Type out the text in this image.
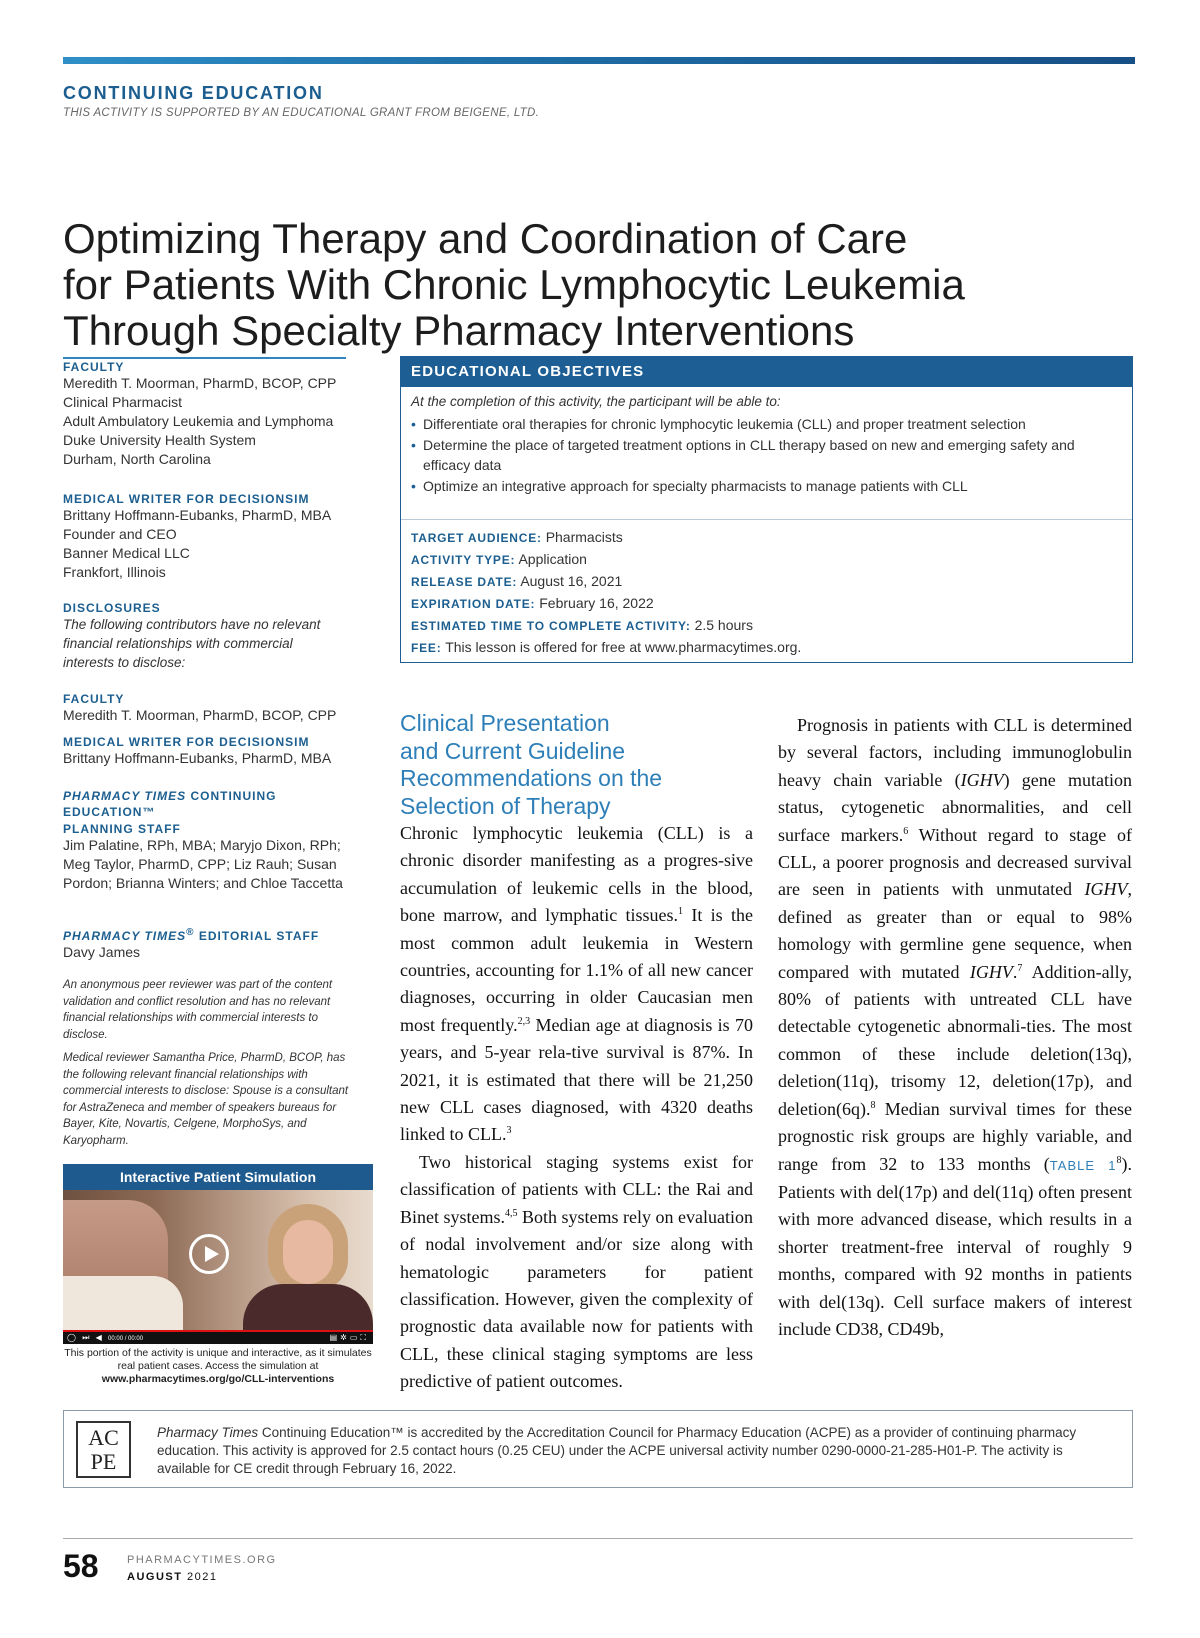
CONTINUING EDUCATION
THIS ACTIVITY IS SUPPORTED BY AN EDUCATIONAL GRANT FROM BEIGENE, LTD.
Optimizing Therapy and Coordination of Care
for Patients With Chronic Lymphocytic Leukemia
Through Specialty Pharmacy Interventions

FACULTY

Meredith T. Moorman, PharmD, BCOP, CPP

Clinical Pharmacist

Adult Ambulatory Leukemia and Lymphoma

Duke University Health System

Durham, North Carolina

MEDICAL WRITER FOR DECISIONSIM

Brittany Hoffmann-Eubanks, PharmD, MBA

Founder and CEO

Banner Medical LLC

Frankfort, Illinois

DISCLOSURES

The following contributors have no relevant financial relationships with commercial interests to disclose:

FACULTY

Meredith T. Moorman, PharmD, BCOP, CPP

MEDICAL WRITER FOR DECISIONSIM

Brittany Hoffmann-Eubanks, PharmD, MBA

PHARMACY TIMES CONTINUING

EDUCATION™

PLANNING STAFF

Jim Palatine, RPh, MBA; Maryjo Dixon, RPh; Meg Taylor, PharmD, CPP; Liz Rauh; Susan Pordon; Brianna Winters; and Chloe Taccetta

PHARMACY TIMES® EDITORIAL STAFF

Davy James

An anonymous peer reviewer was part of the content validation and conflict resolution and has no relevant financial relationships with commercial interests to disclose.

Medical reviewer Samantha Price, PharmD, BCOP, has the following relevant financial relationships with commercial interests to disclose: Spouse is a consultant for AstraZeneca and member of speakers bureaus for Bayer, Kite, Novartis, Celgene, MorphoSys, and Karyopharm.

Interactive Patient Simulation
◯ ⏭ ◀ 00:00 / 00:00	▤✲▭⛶
This portion of the activity is unique and interactive, as it simulates real patient cases. Access the simulation at
www.pharmacytimes.org/go/CLL-interventions
EDUCATIONAL OBJECTIVES
At the completion of this activity, the participant will be able to:
• Differentiate oral therapies for chronic lymphocytic leukemia (CLL) and proper treatment selection
• Determine the place of targeted treatment options in CLL therapy based on new and emerging safety and efficacy data
• Optimize an integrative approach for specialty pharmacists to manage patients with CLL
TARGET AUDIENCE: Pharmacists
ACTIVITY TYPE: Application
RELEASE DATE: August 16, 2021
EXPIRATION DATE: February 16, 2022
ESTIMATED TIME TO COMPLETE ACTIVITY: 2.5 hours
FEE: This lesson is offered for free at www.pharmacytimes.org.
Clinical Presentation
and Current Guideline
Recommendations on the
Selection of Therapy

Chronic lymphocytic leukemia (CLL) is a chronic disorder manifesting as a progres-sive accumulation of leukemic cells in the blood, bone marrow, and lymphatic tissues.$^1$ It is the most common adult leukemia in Western countries, accounting for 1.1% of all new cancer diagnoses, occurring in older Caucasian men most frequently.$^{2,3}$ Median age at diagnosis is 70 years, and 5-year rela-tive survival is 87%. In 2021, it is estimated that there will be 21,250 new CLL cases diagnosed, with 4320 deaths linked to CLL.$^3$

Two historical staging systems exist for classification of patients with CLL: the Rai and Binet systems.$^{4,5}$ Both systems rely on evaluation of nodal involvement and/or size along with hematologic parameters for patient classification. However, given the complexity of prognostic data available now for patients with CLL, these clinical staging symptoms are less predictive of patient outcomes.

Prognosis in patients with CLL is determined by several factors, including immunoglobulin heavy chain variable (IGHV) gene mutation status, cytogenetic abnormalities, and cell surface markers.$^6$ Without regard to stage of CLL, a poorer prognosis and decreased survival are seen in patients with unmutated IGHV, defined as greater than or equal to 98% homology with germline gene sequence, when compared with mutated IGHV.$^7$ Addition-ally, 80% of patients with untreated CLL have detectable cytogenetic abnormali-ties. The most common of these include deletion(13q), deletion(11q), trisomy 12, deletion(17p), and deletion(6q).$^8$ Median survival times for these prognostic risk groups are highly variable, and range from 32 to 133 months (TABLE $1^8$). Patients with del(17p) and del(11q) often present with more advanced disease, which results in a shorter treatment-free interval of roughly 9 months, compared with 92 months in patients with del(13q). Cell surface makers of interest include CD38, CD49b,

AC
PE
Pharmacy Times Continuing Education™ is accredited by the Accreditation Council for Pharmacy Education (ACPE) as a provider of continuing pharmacy education. This activity is approved for 2.5 contact hours (0.25 CEU) under the ACPE universal activity number 0290-0000-21-285-H01-P. The activity is available for CE credit through February 16, 2022.
58	PHARMACYTIMES.ORG
AUGUST 2021
